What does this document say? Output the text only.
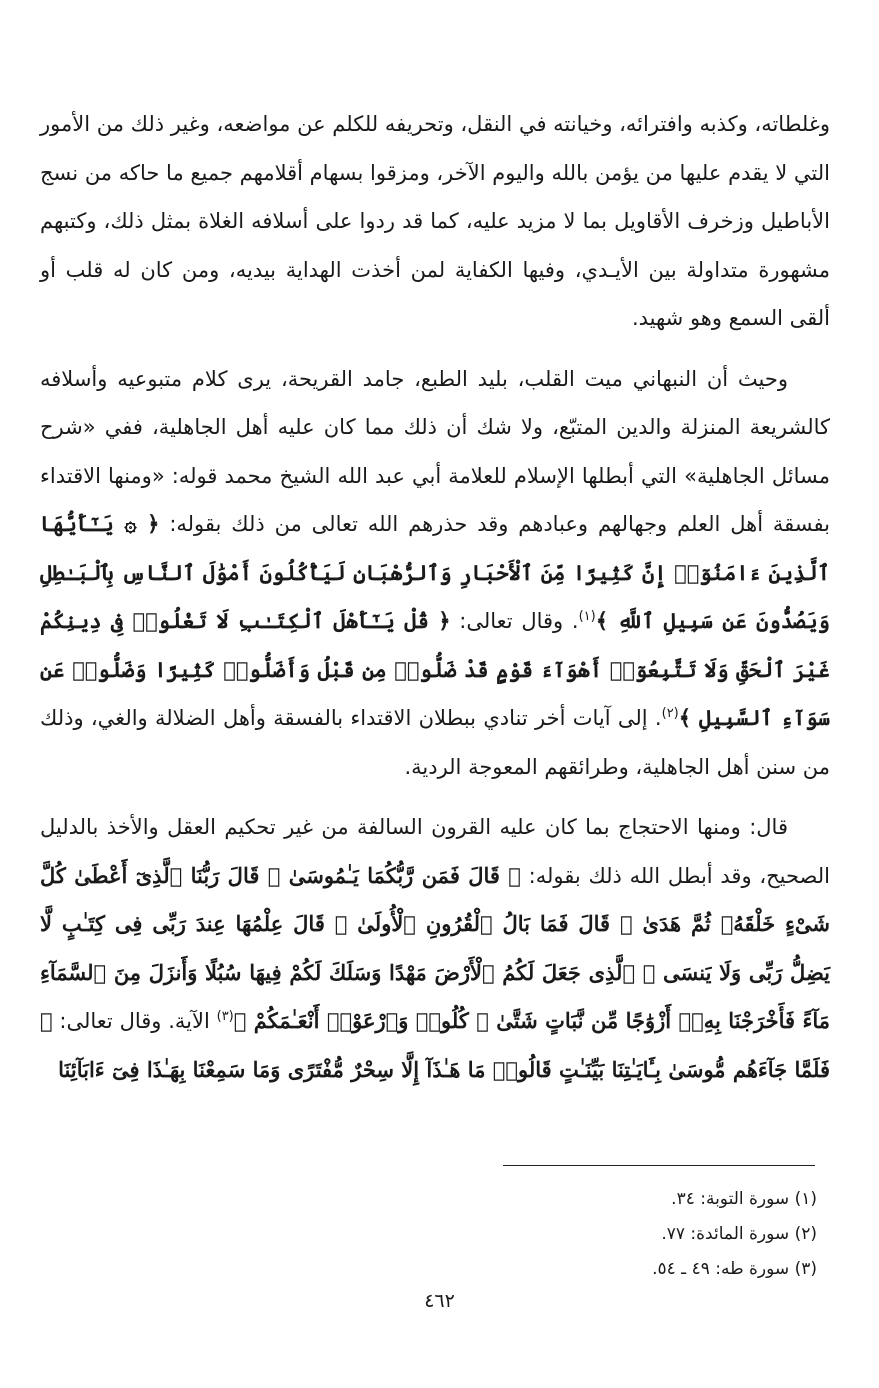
وغلطاته، وكذبه وافترائه، وخيانته في النقل، وتحريفه للكلم عن مواضعه، وغير ذلك من الأمور التي لا يقدم عليها من يؤمن بالله واليوم الآخر، ومزقوا بسهام أقلامهم جميع ما حاكه من نسج الأباطيل وزخرف الأقاويل بما لا مزيد عليه، كما قد ردوا على أسلافه الغلاة بمثل ذلك، وكتبهم مشهورة متداولة بين الأيـدي، وفيها الكفاية لمن أخذت الهداية بيديه، ومن كان له قلب أو ألقى السمع وهو شهيد.

وحيث أن النبهاني ميت القلب، بليد الطبع، جامد القريحة، يرى كلام متبوعيه وأسلافه كالشريعة المنزلة والدين المتبّع، ولا شك أن ذلك مما كان عليه أهل الجاهلية، ففي «شرح مسائل الجاهلية» التي أبطلها الإسلام للعلامة أبي عبد الله الشيخ محمد قوله: «ومنها الاقتداء بفسقة أهل العلم وجهالهم وعبادهم وقد حذرهم الله تعالى من ذلك بقوله: ﴿ ۞ يَـٰٓأَيُّهَا ٱلَّذِينَ ءَامَنُوٓا۟ إِنَّ كَثِيرًا مِّنَ ٱلْأَحْبَارِ وَٱلرُّهْبَانِ لَيَأْكُلُونَ أَمْوَٰلَ ٱلنَّاسِ بِٱلْبَـٰطِلِ وَيَصُدُّونَ عَن سَبِيلِ ٱللَّهِ ﴾$^{(١)}$. وقال تعالى: ﴿ قُلْ يَـٰٓأَهْلَ ٱلْكِتَـٰبِ لَا تَغْلُوا۟ فِى دِينِكُمْ غَيْرَ ٱلْحَقِّ وَلَا تَتَّبِعُوٓا۟ أَهْوَآءَ قَوْمٍ قَدْ ضَلُّوا۟ مِن قَبْلُ وَأَضَلُّوا۟ كَثِيرًا وَضَلُّوا۟ عَن سَوَآءِ ٱلسَّبِيلِ ﴾$^{(٢)}$. إلى آيات أخر تنادي ببطلان الاقتداء بالفسقة وأهل الضلالة والغي، وذلك من سنن أهل الجاهلية، وطرائقهم المعوجة الردية.

قال: ومنها الاحتجاج بما كان عليه القرون السالفة من غير تحكيم العقل والأخذ بالدليل الصحيح، وقد أبطل الله ذلك بقوله: ﴿ قَالَ فَمَن رَّبُّكُمَا يَـٰمُوسَىٰ ۞ قَالَ رَبُّنَا ٱلَّذِىٓ أَعْطَىٰ كُلَّ شَىْءٍ خَلْقَهُۥ ثُمَّ هَدَىٰ ۞ قَالَ فَمَا بَالُ ٱلْقُرُونِ ٱلْأُولَىٰ ۞ قَالَ عِلْمُهَا عِندَ رَبِّى فِى كِتَـٰبٍ لَّا يَضِلُّ رَبِّى وَلَا يَنسَى ۞ ٱلَّذِى جَعَلَ لَكُمُ ٱلْأَرْضَ مَهْدًا وَسَلَكَ لَكُمْ فِيهَا سُبُلًا وَأَنزَلَ مِنَ ٱلسَّمَآءِ مَآءً فَأَخْرَجْنَا بِهِۦٓ أَزْوَٰجًا مِّن نَّبَاتٍ شَتَّىٰ ۞ كُلُوا۟ وَٱرْعَوْا۟ أَنْعَـٰمَكُمْ ﴾$^{(٣)}$ الآية. وقال تعالى: ﴿ فَلَمَّا جَآءَهُم مُّوسَىٰ بِـَٔايَـٰتِنَا بَيِّنَـٰتٍ قَالُوا۟ مَا هَـٰذَآ إِلَّا سِحْرٌ مُّفْتَرًى وَمَا سَمِعْنَا بِهَـٰذَا فِىٓ ءَابَآئِنَا

(١) سورة التوبة: ٣٤.

(٢) سورة المائدة: ٧٧.

(٣) سورة طه: ٤٩ ـ ٥٤.

٤٦٢
